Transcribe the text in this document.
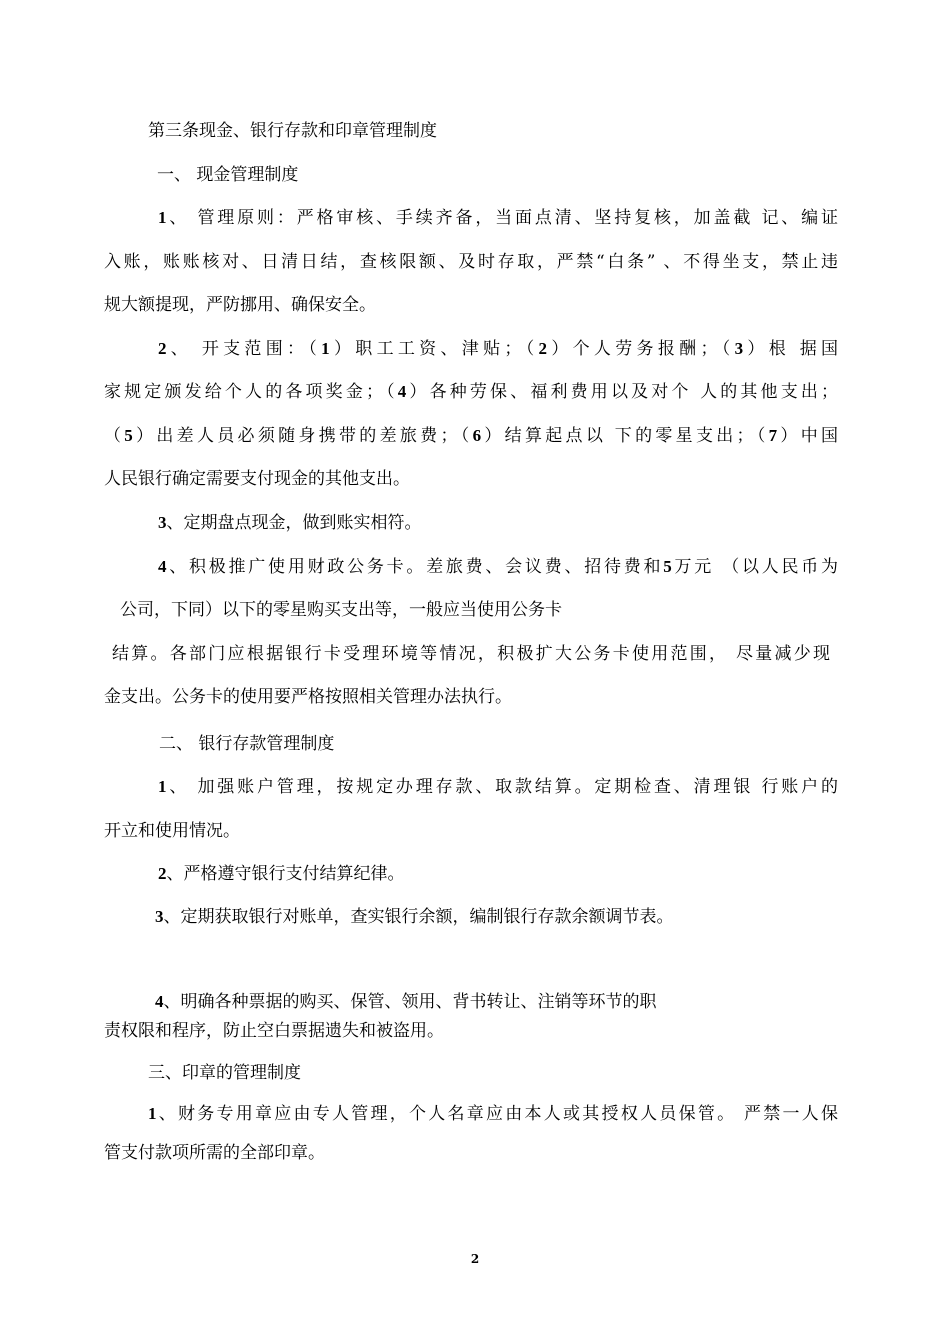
第三条现金、银行存款和印章管理制度
一、 现金管理制度
1、 管理原则：严格审核、手续齐备，当面点清、坚持复核，加盖截 记、编证
入账，账账核对、日清日结，查核限额、及时存取，严禁“白条” 、不得坐支，禁止违
规大额提现，严防挪用、确保安全。
2、 开支范围：（1）职工工资、津贴；（2）个人劳务报酬；（3）根 据国
家规定颁发给个人的各项奖金；（4）各种劳保、福利费用以及对个 人的其他支出；
（5）出差人员必须随身携带的差旅费；（6）结算起点以 下的零星支出；（7）中国
人民银行确定需要支付现金的其他支出。
3、定期盘点现金，做到账实相符。
4、积极推广使用财政公务卡。差旅费、会议费、招待费和5万元 （以人民币为
公司，下同）以下的零星购买支出等，一般应当使用公务卡
结算。各部门应根据银行卡受理环境等情况，积极扩大公务卡使用范围， 尽量减少现
金支出。公务卡的使用要严格按照相关管理办法执行。
二、 银行存款管理制度
1、 加强账户管理，按规定办理存款、取款结算。定期检查、清理银 行账户的
开立和使用情况。
2、严格遵守银行支付结算纪律。
3、定期获取银行对账单，查实银行余额，编制银行存款余额调节表。
4、明确各种票据的购买、保管、领用、背书转让、注销等环节的职
责权限和程序，防止空白票据遗失和被盗用。
三、印章的管理制度
1、财务专用章应由专人管理，个人名章应由本人或其授权人员保管。 严禁一人保
管支付款项所需的全部印章。
2
